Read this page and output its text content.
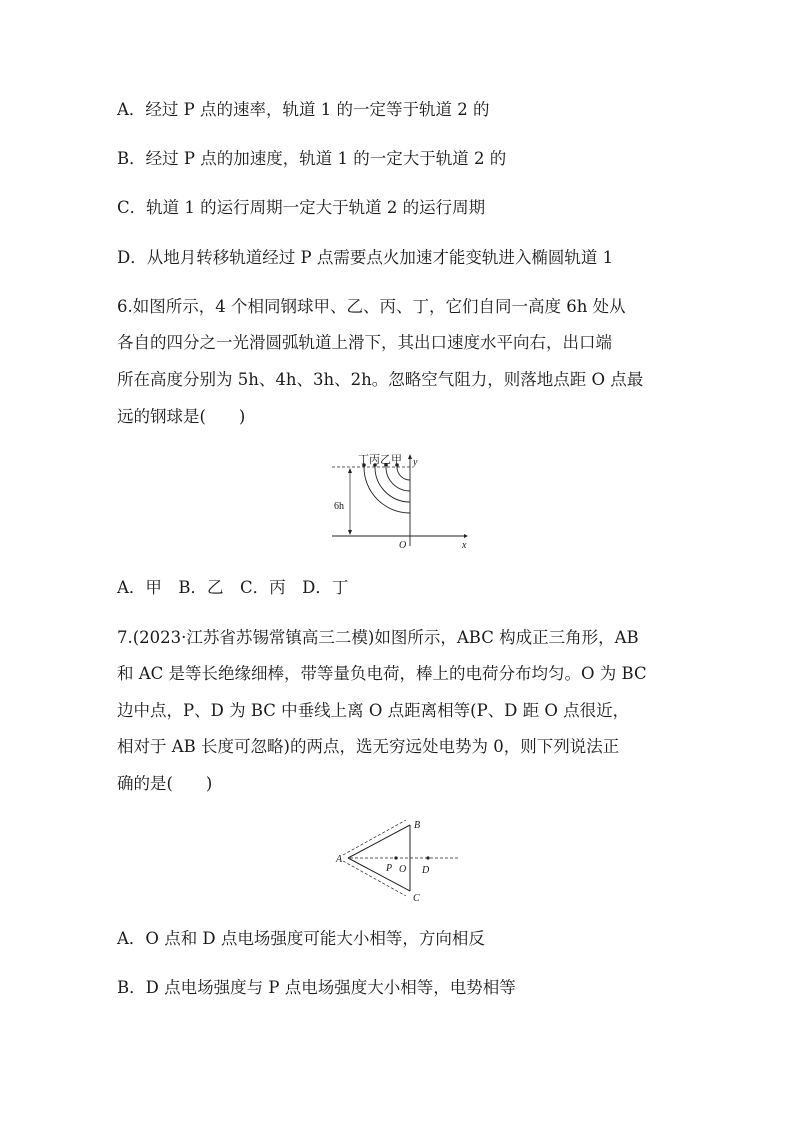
A．经过 P 点的速率，轨道 1 的一定等于轨道 2 的
B．经过 P 点的加速度，轨道 1 的一定大于轨道 2 的
C．轨道 1 的运行周期一定大于轨道 2 的运行周期
D．从地月转移轨道经过 P 点需要点火加速才能变轨进入椭圆轨道 1
6.如图所示，4 个相同钢球甲、乙、丙、丁，它们自同一高度 6h 处从
各自的四分之一光滑圆弧轨道上滑下，其出口速度水平向右，出口端
所在高度分别为 5h、4h、3h、2h。忽略空气阻力，则落地点距 O 点最
远的钢球是(　　)
丁丙乙甲 y
x
O
6h
A．甲　B．乙　C．丙　D．丁
7.(2023·江苏省苏锡常镇高三二模)如图所示，ABC 构成正三角形，AB
和 AC 是等长绝缘细棒，带等量负电荷，棒上的电荷分布均匀。O 为 BC
边中点，P、D 为 BC 中垂线上离 O 点距离相等(P、D 距 O 点很近，
相对于 AB 长度可忽略)的两点，选无穷远处电势为 0，则下列说法正
确的是(　　)
A
B
C
P O D
A．O 点和 D 点电场强度可能大小相等，方向相反
B．D 点电场强度与 P 点电场强度大小相等，电势相等
